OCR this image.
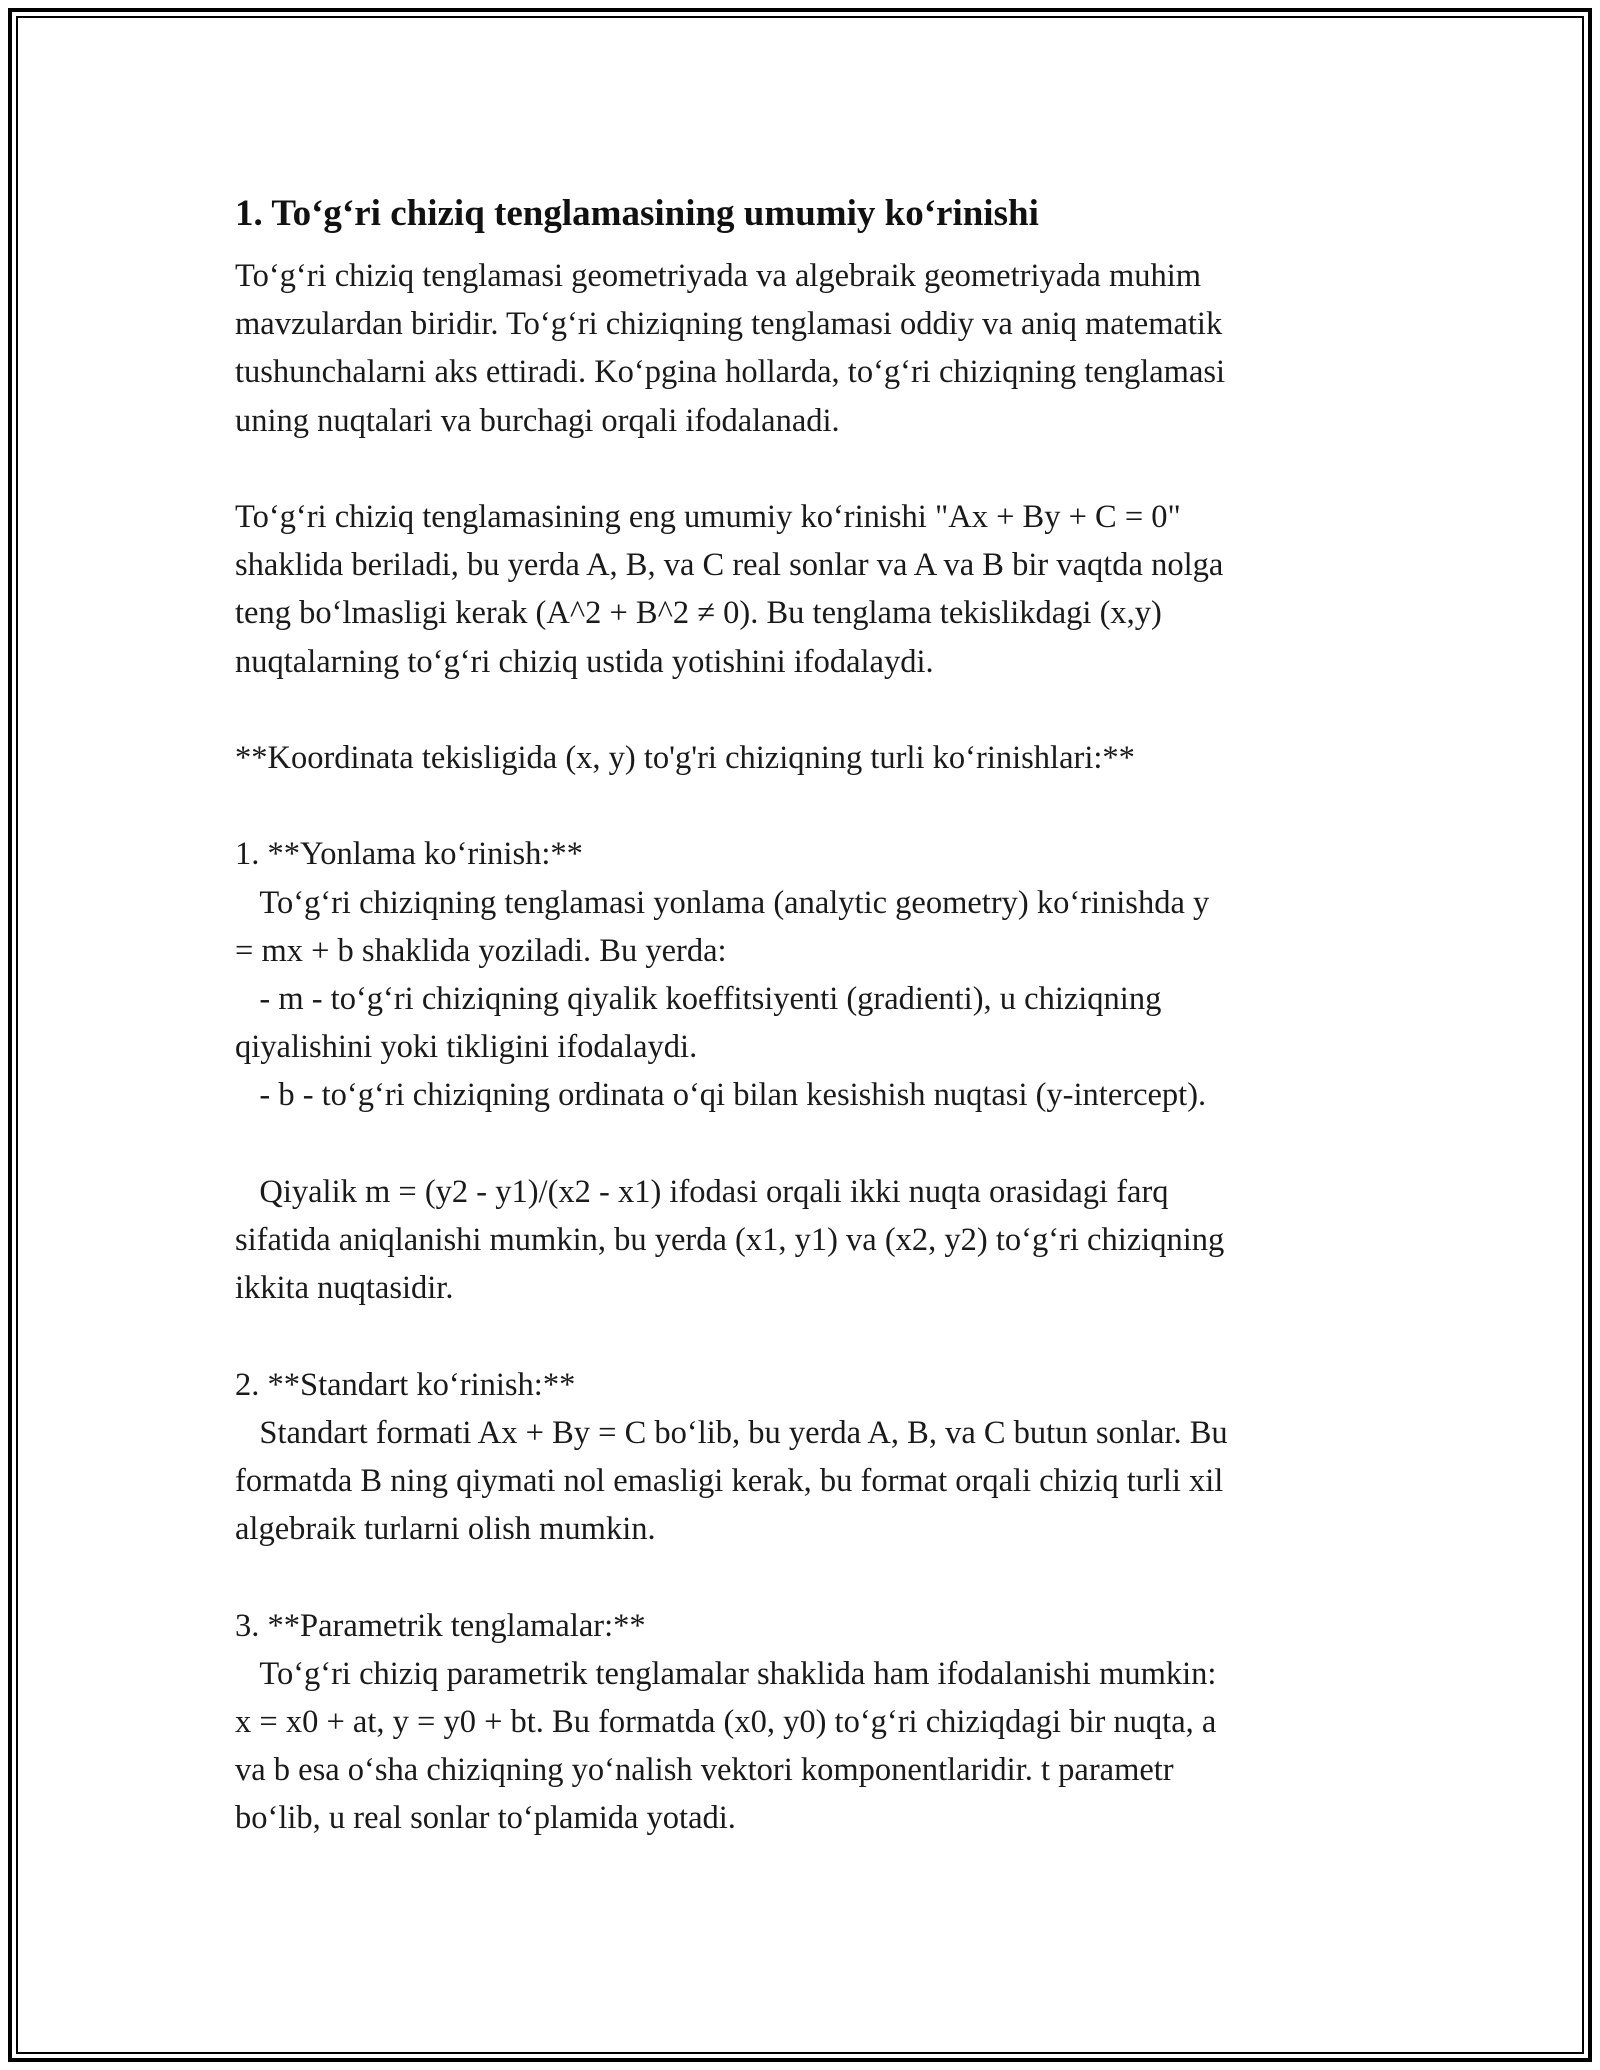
1. To‘g‘ri chiziq tenglamasining umumiy ko‘rinishi

To‘g‘ri chiziq tenglamasi geometriyada va algebraik geometriyada muhim
mavzulardan biridir. To‘g‘ri chiziqning tenglamasi oddiy va aniq matematik
tushunchalarni aks ettiradi. Ko‘pgina hollarda, to‘g‘ri chiziqning tenglamasi
uning nuqtalari va burchagi orqali ifodalanadi.

To‘g‘ri chiziq tenglamasining eng umumiy ko‘rinishi "Ax + By + C = 0"
shaklida beriladi, bu yerda A, B, va C real sonlar va A va B bir vaqtda nolga
teng bo‘lmasligi kerak (A^2 + B^2 ≠ 0). Bu tenglama tekislikdagi (x,y)
nuqtalarning to‘g‘ri chiziq ustida yotishini ifodalaydi.

**Koordinata tekisligida (x, y) to'g'ri chiziqning turli ko‘rinishlari:**

1. **Yonlama ko‘rinish:**
To‘g‘ri chiziqning tenglamasi yonlama (analytic geometry) ko‘rinishda y
= mx + b shaklida yoziladi. Bu yerda:
- m - to‘g‘ri chiziqning qiyalik koeffitsiyenti (gradienti), u chiziqning
qiyalishini yoki tikligini ifodalaydi.
- b - to‘g‘ri chiziqning ordinata o‘qi bilan kesishish nuqtasi (y-intercept).

Qiyalik m = (y2 - y1)/(x2 - x1) ifodasi orqali ikki nuqta orasidagi farq
sifatida aniqlanishi mumkin, bu yerda (x1, y1) va (x2, y2) to‘g‘ri chiziqning
ikkita nuqtasidir.

2. **Standart ko‘rinish:**
Standart formati Ax + By = C bo‘lib, bu yerda A, B, va C butun sonlar. Bu
formatda B ning qiymati nol emasligi kerak, bu format orqali chiziq turli xil
algebraik turlarni olish mumkin.

3. **Parametrik tenglamalar:**
To‘g‘ri chiziq parametrik tenglamalar shaklida ham ifodalanishi mumkin:
x = x0 + at, y = y0 + bt. Bu formatda (x0, y0) to‘g‘ri chiziqdagi bir nuqta, a
va b esa o‘sha chiziqning yo‘nalish vektori komponentlaridir. t parametr
bo‘lib, u real sonlar to‘plamida yotadi.
